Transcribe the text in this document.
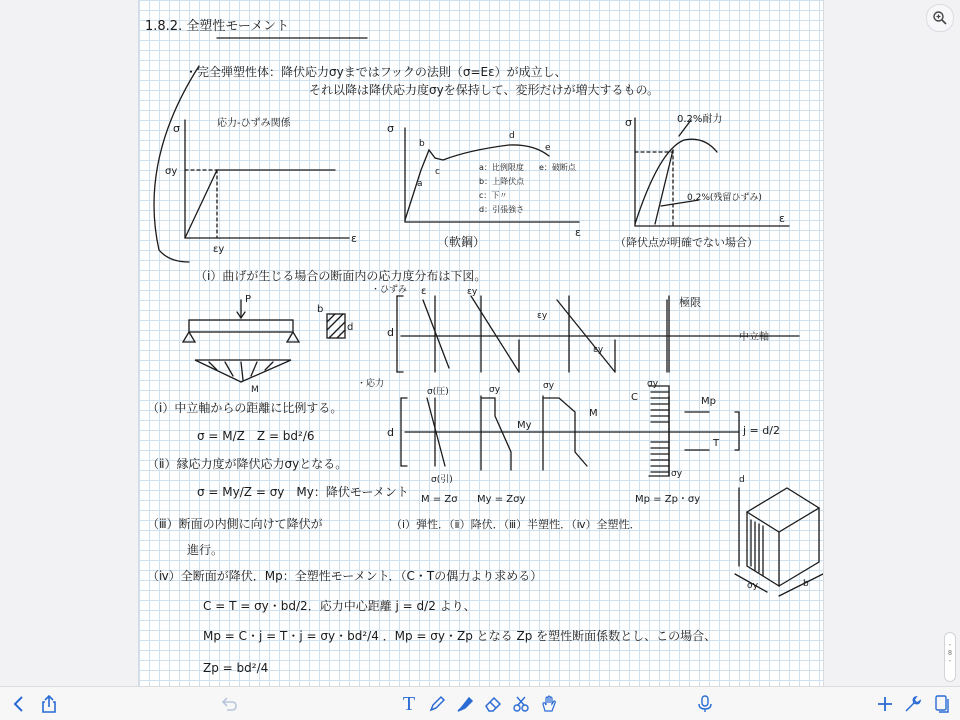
1.8.2. 全塑性モーメント
・完全弾塑性体：降伏応力σyまではフックの法則（σ=Eε）が成立し、
それ以降は降伏応力度σyを保持して、変形だけが増大するもの。
応力-ひずみ関係
σ
σy
εy
ε
σ
b
a
c
d
e
a：比例限度 e：破断点
b：上降伏点
c：下〃
d：引張強さ
（軟鋼）
ε
σ	0.2%耐力
0.2%(残留ひずみ)
ε
（降伏点が明確でない場合）
（ⅰ）曲げが生じる場合の断面内の応力度分布は下図。
P
M
b
d
・ひずみ ε	εy
εy
εy
d
極限
中立軸
・応力
σ(圧)
σ(引)
σy	σy
My
M
d
σy
σy
C
T
Mp
j = d/2
（ⅰ）中立軸からの距離に比例する。
σ = M/Z　Z = bd²/6
（ⅱ）縁応力度が降伏応力σyとなる。
σ = My/Z = σy　My：降伏モーメント
M = Zσ My = Zσy	Mp = Zp・σy
（ⅲ）断面の内側に向けて降伏が
進行。
（ⅰ）弾性．（ⅱ）降伏．（ⅲ）半塑性．（ⅳ）全塑性．
（ⅳ）全断面が降伏．Mp：全塑性モーメント．（C・Tの偶力より求める）
C = T = σy・bd/2．応力中心距離 j = d/2 より、
Mp = C・j = T・j = σy・bd²/4 ．Mp = σy・Zp となる Zp を塑性断面係数とし、この場合、
Zp = bd²/4
d
σy	b
-
8
-
T
